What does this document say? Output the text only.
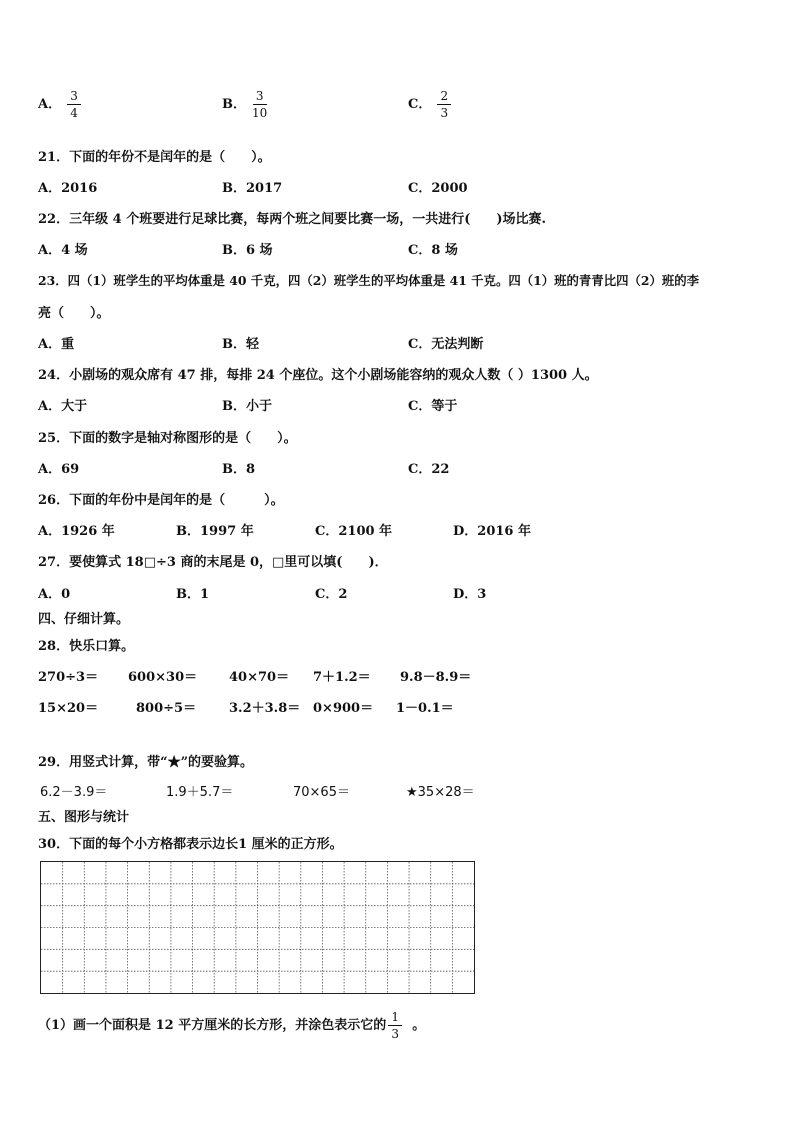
A． $\frac{3}{4}$	B． $\frac{3}{10}$	C． $\frac{2}{3}$
21．下面的年份不是闰年的是（　　）。
A．2016	B．2017	C．2000
22．三年级 4 个班要进行足球比赛，每两个班之间要比赛一场，一共进行(　　)场比赛.
A．4 场	B．6 场	C．8 场
23．四（1）班学生的平均体重是 40 千克，四（2）班学生的平均体重是 41 千克。四（1）班的青青比四（2）班的李
亮（　　）。
A．重	B．轻	C．无法判断
24．小剧场的观众席有 47 排，每排 24 个座位。这个小剧场能容纳的观众人数（ ）1300 人。
A．大于	B．小于	C．等于
25．下面的数字是轴对称图形的是（　　）。
A．69	B．8	C．22
26．下面的年份中是闰年的是（　　　）。
A．1926 年	B．1997 年	C．2100 年	D．2016 年
27．要使算式 18□÷3 商的末尾是 0，□里可以填(　　)．
A．0	B．1	C．2	D．3
四、仔细计算。
28．快乐口算。
270÷3＝ 600×30＝ 40×70＝ 7＋1.2＝ 9.8－8.9＝
15×20＝	800÷5＝	3.2＋3.8＝ 0×900＝ 1－0.1＝
29．用竖式计算，带“★”的要验算。
6.2－3.9＝	1.9＋5.7＝	70×65＝	★35×28＝
五、图形与统计
30．下面的每个小方格都表示边长1 厘米的正方形。
（1）画一个面积是 12 平方厘米的长方形，并涂色表示它的 $\frac{1}{3}$ 。
